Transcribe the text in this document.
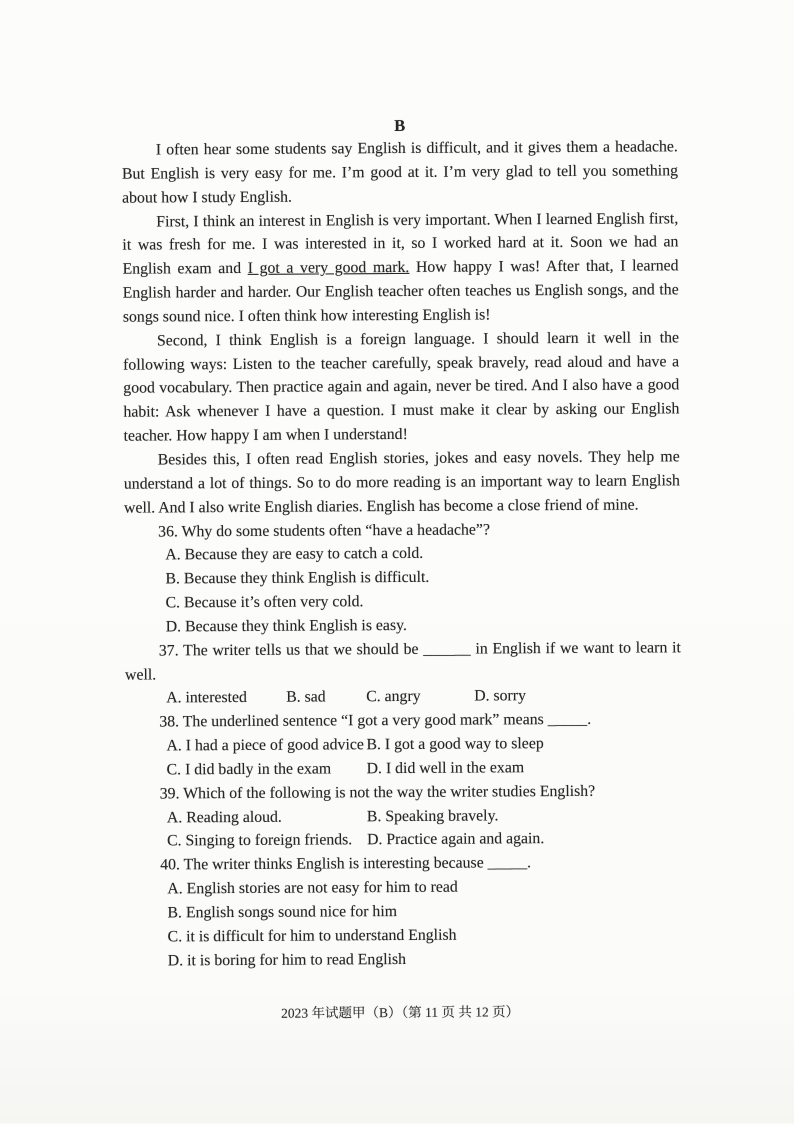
B

I often hear some students say English is difficult, and it gives them a headache. But English is very easy for me. I’m good at it. I’m very glad to tell you something about how I study English.

First, I think an interest in English is very important. When I learned English first, it was fresh for me. I was interested in it, so I worked hard at it. Soon we had an English exam and I got a very good mark. How happy I was! After that, I learned English harder and harder. Our English teacher often teaches us English songs, and the songs sound nice. I often think how interesting English is!

Second, I think English is a foreign language. I should learn it well in the following ways: Listen to the teacher carefully, speak bravely, read aloud and have a good vocabulary. Then practice again and again, never be tired. And I also have a good habit: Ask whenever I have a question. I must make it clear by asking our English teacher. How happy I am when I understand!

Besides this, I often read English stories, jokes and easy novels. They help me understand a lot of things. So to do more reading is an important way to learn English well. And I also write English diaries. English has become a close friend of mine.

36. Why do some students often “have a headache”?

A. Because they are easy to catch a cold.

B. Because they think English is difficult.

C. Because it’s often very cold.

D. Because they think English is easy.

37. The writer tells us that we should be ______ in English if we want to learn it well.

A. interested B. sad	C. angry	D. sorry

38. The underlined sentence “I got a very good mark” means _____.

A. I had a piece of good advice B. I got a good way to sleep

C. I did badly in the exam D. I did well in the exam

39. Which of the following is not the way the writer studies English?

A. Reading aloud.	B. Speaking bravely.

C. Singing to foreign friends. D. Practice again and again.

40. The writer thinks English is interesting because _____.

A. English stories are not easy for him to read

B. English songs sound nice for him

C. it is difficult for him to understand English

D. it is boring for him to read English

2023 年试题甲（B）（第 11 页 共 12 页）
